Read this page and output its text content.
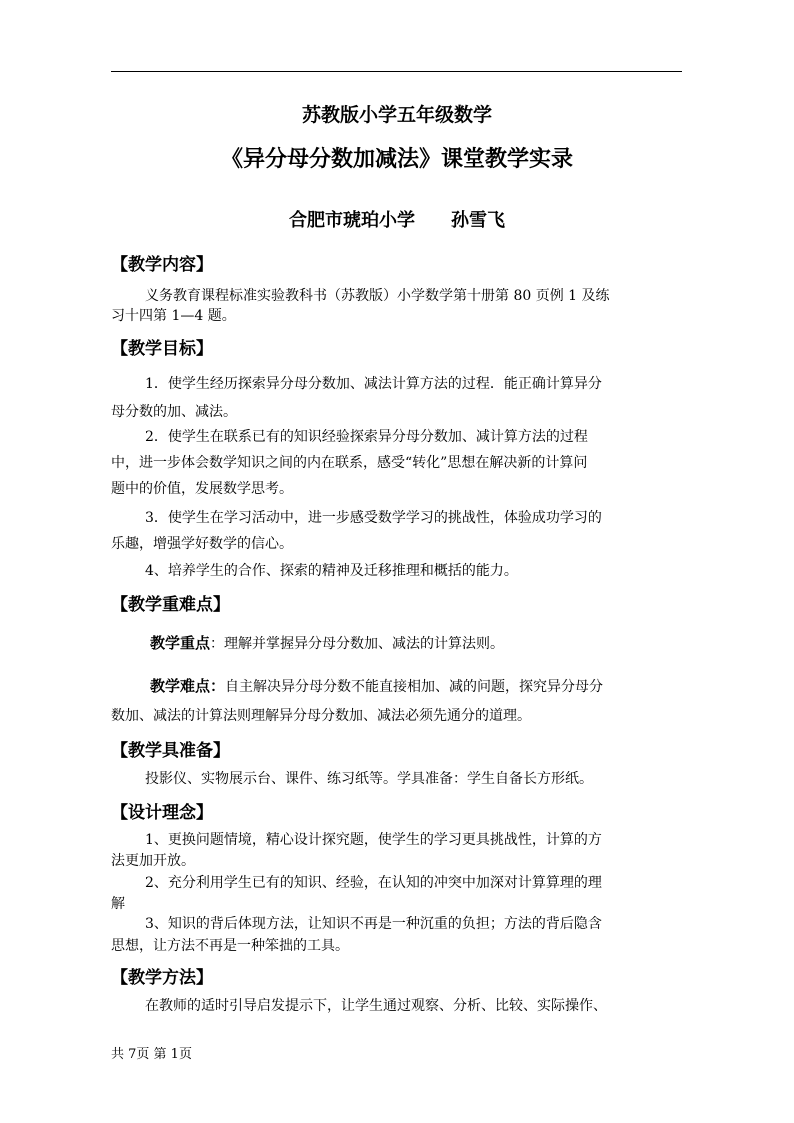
苏教版小学五年级数学
《异分母分数加减法》课堂教学实录
合肥市琥珀小学 孙雪飞
【教学内容】
义务教育课程标准实验教科书（苏教版）小学数学第十册第 80 页例 1 及练
习十四第 1—4 题。
【教学目标】
1．使学生经历探索异分母分数加、减法计算方法的过程．能正确计算异分
母分数的加、减法。
2．使学生在联系已有的知识经验探索异分母分数加、减计算方法的过程
中，进一步体会数学知识之间的内在联系，感受“转化”思想在解决新的计算问
题中的价值，发展数学思考。
3．使学生在学习活动中，进一步感受数学学习的挑战性，体验成功学习的
乐趣，增强学好数学的信心。
4、培养学生的合作、探索的精神及迁移推理和概括的能力。
【教学重难点】
教学重点：理解并掌握异分母分数加、减法的计算法则。
教学难点：自主解决异分母分数不能直接相加、减的问题，探究异分母分
数加、减法的计算法则理解异分母分数加、减法必须先通分的道理。
【教学具准备】
投影仪、实物展示台、课件、练习纸等。学具准备：学生自备长方形纸。
【设计理念】
1、更换问题情境，精心设计探究题，使学生的学习更具挑战性，计算的方
法更加开放。
2、充分利用学生已有的知识、经验，在认知的冲突中加深对计算算理的理
解
3、知识的背后体现方法，让知识不再是一种沉重的负担；方法的背后隐含
思想，让方法不再是一种笨拙的工具。
【教学方法】
在教师的适时引导启发提示下，让学生通过观察、分析、比较、实际操作、
共 7页 第 1页
